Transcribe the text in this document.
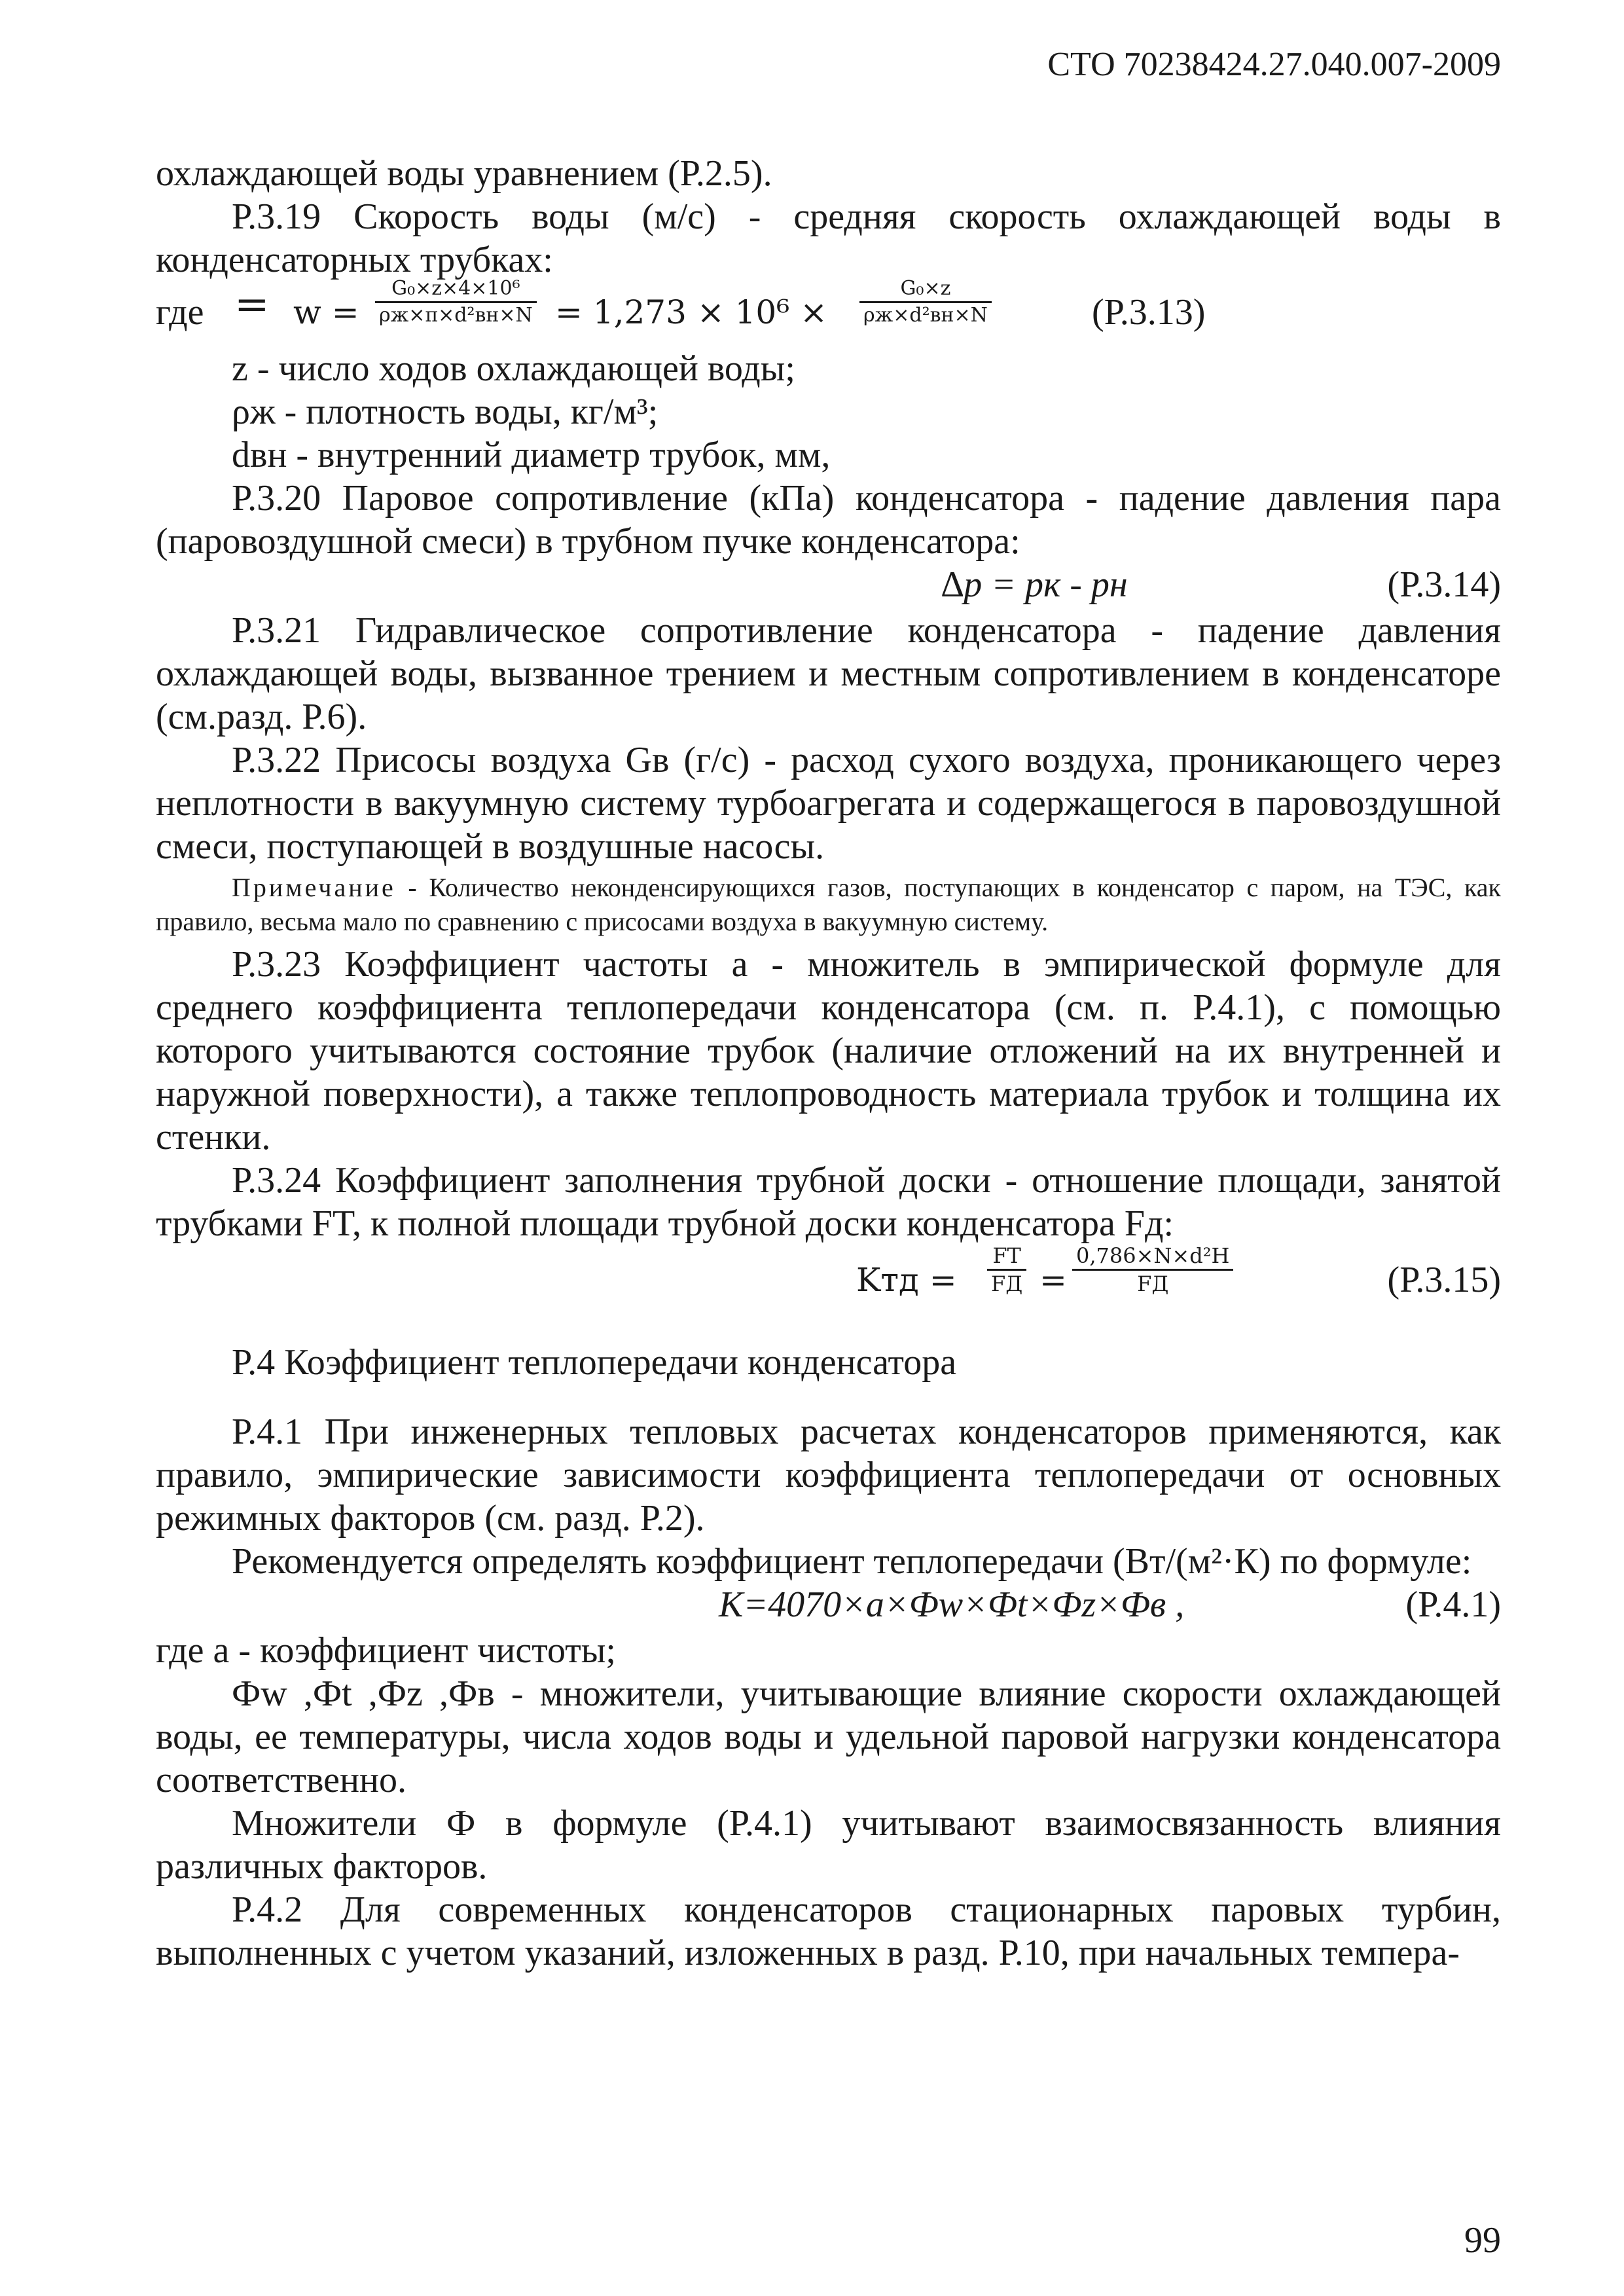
СТО 70238424.27.040.007-2009

охлаждающей воды уравнением (Р.2.5).

Р.3.19 Скорость воды (м/с) - средняя скорость охлаждающей воды в конденсаторных трубках:

где = $w = \frac{\text{G₀×z×4×10⁶}}{\text{ρж×π×d²вн×N}} = 1,273 \times 10^6 \times \frac{\text{G₀×z}}{\text{ρж×d²вн×N}}$	(Р.3.13)

z - число ходов охлаждающей воды;

ρж - плотность воды, кг/м³;

dвн - внутренний диаметр трубок, мм,

Р.3.20 Паровое сопротивление (кПа) конденсатора - падение давления пара (паровоздушной смеси) в трубном пучке конденсатора:

∆p = pк - pн	(Р.3.14)

Р.3.21 Гидравлическое сопротивление конденсатора - падение давления охлаждающей воды, вызванное трением и местным сопротивлением в конденсаторе (см.разд. Р.6).

Р.3.22 Присосы воздуха Gв (г/с) - расход сухого воздуха, проникающего через неплотности в вакуумную систему турбоагрегата и содержащегося в паровоздушной смеси, поступающей в воздушные насосы.

Примечание - Количество неконденсирующихся газов, поступающих в конденсатор с паром, на ТЭС, как правило, весьма мало по сравнению с присосами воздуха в вакуумную систему.

Р.3.23 Коэффициент частоты a - множитель в эмпирической формуле для среднего коэффициента теплопередачи конденсатора (см. п. Р.4.1), с помощью которого учитываются состояние трубок (наличие отложений на их внутренней и наружной поверхности), а также теплопроводность материала трубок и толщина их стенки.

Р.3.24 Коэффициент заполнения трубной доски - отношение площади, занятой трубками FT, к полной площади трубной доски конденсатора Fд:

Kтд = $\frac{FT}{FД} = \frac{\text{0,786×N×d²Н}}{FД}$	(Р.3.15)

Р.4 Коэффициент теплопередачи конденсатора

Р.4.1 При инженерных тепловых расчетах конденсаторов применяются, как правило, эмпирические зависимости коэффициента теплопередачи от основных режимных факторов (см. разд. Р.2).

Рекомендуется определять коэффициент теплопередачи (Вт/(м²·К) по формуле:

K=4070×a×Фw×Фt×Фz×Фв ,	(Р.4.1)

где a - коэффициент чистоты;

Фw ,Фt ,Фz ,Фв - множители, учитывающие влияние скорости охлаждающей воды, ее температуры, числа ходов воды и удельной паровой нагрузки конденсатора соответственно.

Множители Ф в формуле (Р.4.1) учитывают взаимосвязанность влияния различных факторов.

Р.4.2 Для современных конденсаторов стационарных паровых турбин, выполненных с учетом указаний, изложенных в разд. Р.10, при начальных темпера-

99
